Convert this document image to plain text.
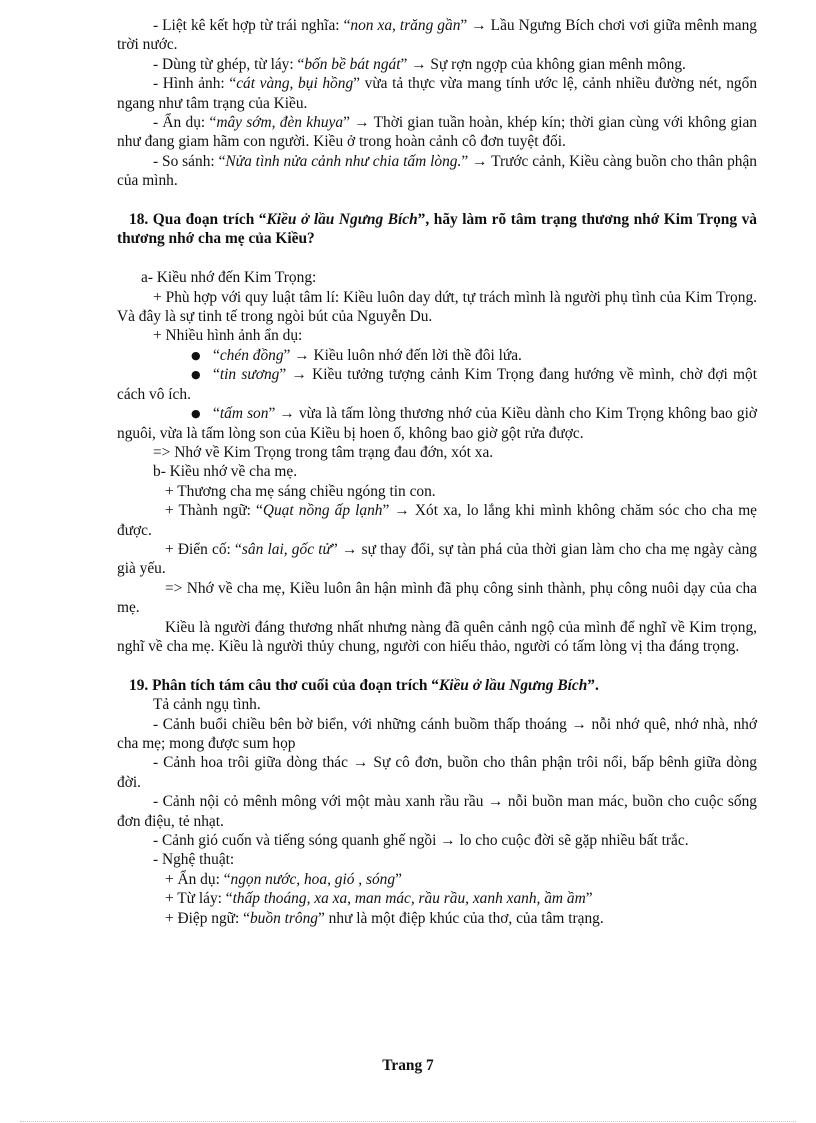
- Liệt kê kết hợp từ trái nghĩa: “non xa, trăng gần” → Lầu Ngưng Bích chơi vơi giữa mênh mang trời nước.

- Dùng từ ghép, từ láy: “bốn bề bát ngát” → Sự rợn ngợp của không gian mênh mông.

- Hình ảnh: “cát vàng, bụi hồng” vừa tả thực vừa mang tính ước lệ, cảnh nhiều đường nét, ngổn ngang như tâm trạng của Kiều.

- Ẩn dụ: “mây sớm, đèn khuya” → Thời gian tuần hoàn, khép kín; thời gian cùng với không gian như đang giam hãm con người. Kiều ở trong hoàn cảnh cô đơn tuyệt đối.

- So sánh: “Nửa tình nửa cảnh như chia tấm lòng.” → Trước cảnh, Kiều càng buồn cho thân phận của mình.

18. Qua đoạn trích “Kiều ở lầu Ngưng Bích”, hãy làm rõ tâm trạng thương nhớ Kim Trọng và thương nhớ cha mẹ của Kiều?

a- Kiều nhớ đến Kim Trọng:

+ Phù hợp với quy luật tâm lí: Kiều luôn day dứt, tự trách mình là người phụ tình của Kim Trọng. Và đây là sự tinh tế trong ngòi bút của Nguyễn Du.

+ Nhiều hình ảnh ẩn dụ:

● “chén đồng” → Kiều luôn nhớ đến lời thề đôi lứa.

● “tin sương” → Kiều tưởng tượng cảnh Kim Trọng đang hướng về mình, chờ đợi một cách vô ích.

● “tấm son” → vừa là tấm lòng thương nhớ của Kiều dành cho Kim Trọng không bao giờ nguôi, vừa là tấm lòng son của Kiều bị hoen ố, không bao giờ gột rửa được.

=> Nhớ về Kim Trọng trong tâm trạng đau đớn, xót xa.

b- Kiều nhớ về cha mẹ.

+ Thương cha mẹ sáng chiều ngóng tin con.

+ Thành ngữ: “Quạt nồng ấp lạnh” → Xót xa, lo lắng khi mình không chăm sóc cho cha mẹ được.

+ Điển cố: “sân lai, gốc tử” → sự thay đổi, sự tàn phá của thời gian làm cho cha mẹ ngày càng già yếu.

=> Nhớ về cha mẹ, Kiều luôn ân hận mình đã phụ công sinh thành, phụ công nuôi dạy của cha mẹ.

Kiều là người đáng thương nhất nhưng nàng đã quên cảnh ngộ của mình để nghĩ về Kim trọng, nghĩ về cha mẹ. Kiều là người thủy chung, người con hiếu thảo, người có tấm lòng vị tha đáng trọng.

19. Phân tích tám câu thơ cuối của đoạn trích “Kiều ở lầu Ngưng Bích”.

Tả cảnh ngụ tình.

- Cảnh buổi chiều bên bờ biển, với những cánh buồm thấp thoáng → nỗi nhớ quê, nhớ nhà, nhớ cha mẹ; mong được sum họp

- Cảnh hoa trôi giữa dòng thác → Sự cô đơn, buồn cho thân phận trôi nổi, bấp bênh giữa dòng đời.

- Cảnh nội cỏ mênh mông với một màu xanh rầu rầu → nỗi buồn man mác, buồn cho cuộc sống đơn điệu, tẻ nhạt.

- Cảnh gió cuốn và tiếng sóng quanh ghế ngồi → lo cho cuộc đời sẽ gặp nhiều bất trắc.

- Nghệ thuật:

+ Ẩn dụ: “ngọn nước, hoa, gió , sóng”

+ Từ láy: “thấp thoáng, xa xa, man mác, rầu rầu, xanh xanh, ầm ầm”

+ Điệp ngữ: “buồn trông” như là một điệp khúc của thơ, của tâm trạng.

Trang 7
